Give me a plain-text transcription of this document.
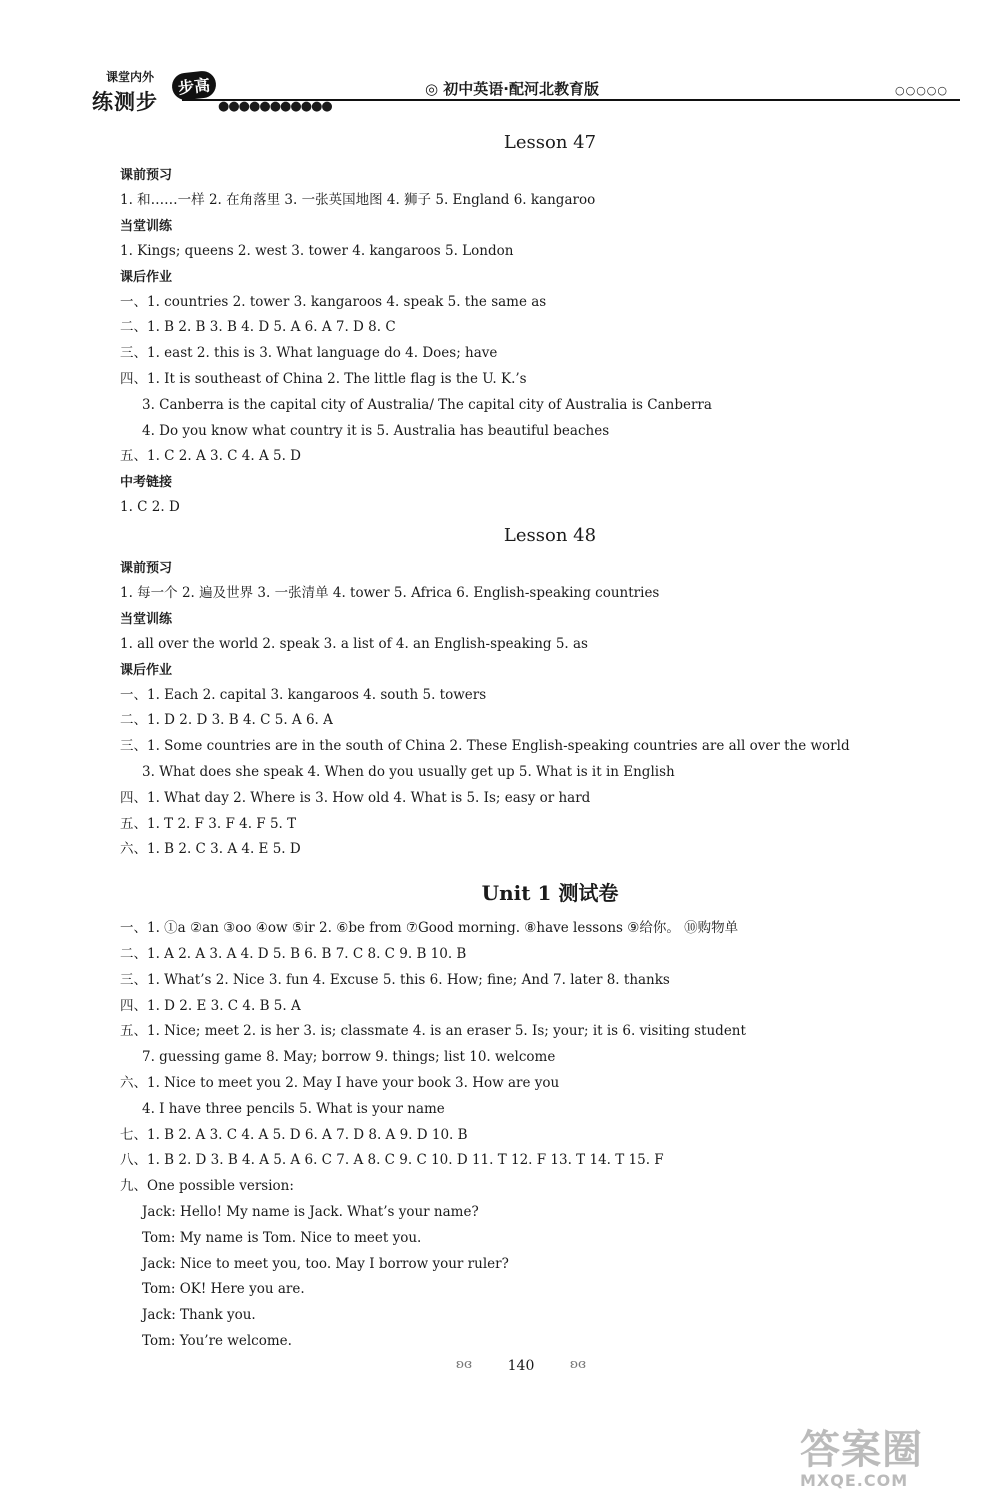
课堂内外
练测步
步高
●●●●●●●●●●●
◎ 初中英语·配河北教育版	○○○○○
Lesson 47
课前预习
1. 和……一样 2. 在角落里 3. 一张英国地图 4. 狮子 5. England 6. kangaroo
当堂训练
1. Kings; queens 2. west 3. tower 4. kangaroos 5. London
课后作业
一、1. countries 2. tower 3. kangaroos 4. speak 5. the same as
二、1. B 2. B 3. B 4. D 5. A 6. A 7. D 8. C
三、1. east 2. this is 3. What language do 4. Does; have
四、1. It is southeast of China 2. The little flag is the U. K.’s
3. Canberra is the capital city of Australia/ The capital city of Australia is Canberra
4. Do you know what country it is 5. Australia has beautiful beaches
五、1. C 2. A 3. C 4. A 5. D
中考链接
1. C 2. D
Lesson 48
课前预习
1. 每一个 2. 遍及世界 3. 一张清单 4. tower 5. Africa 6. English-speaking countries
当堂训练
1. all over the world 2. speak 3. a list of 4. an English-speaking 5. as
课后作业
一、1. Each 2. capital 3. kangaroos 4. south 5. towers
二、1. D 2. D 3. B 4. C 5. A 6. A
三、1. Some countries are in the south of China 2. These English-speaking countries are all over the world
3. What does she speak 4. When do you usually get up 5. What is it in English
四、1. What day 2. Where is 3. How old 4. What is 5. Is; easy or hard
五、1. T 2. F 3. F 4. F 5. T
六、1. B 2. C 3. A 4. E 5. D
Unit 1 测试卷
一、1. ①a ②an ③oo ④ow ⑤ir 2. ⑥be from ⑦Good morning. ⑧have lessons ⑨给你。 ⑩购物单
二、1. A 2. A 3. A 4. D 5. B 6. B 7. C 8. C 9. B 10. B
三、1. What’s 2. Nice 3. fun 4. Excuse 5. this 6. How; fine; And 7. later 8. thanks
四、1. D 2. E 3. C 4. B 5. A
五、1. Nice; meet 2. is her 3. is; classmate 4. is an eraser 5. Is; your; it is 6. visiting student
7. guessing game 8. May; borrow 9. things; list 10. welcome
六、1. Nice to meet you 2. May I have your book 3. How are you
4. I have three pencils 5. What is your name
七、1. B 2. A 3. C 4. A 5. D 6. A 7. D 8. A 9. D 10. B
八、1. B 2. D 3. B 4. A 5. A 6. C 7. A 8. C 9. C 10. D 11. T 12. F 13. T 14. T 15. F
九、One possible version:
Jack: Hello! My name is Jack. What’s your name?
Tom: My name is Tom. Nice to meet you.
Jack: Nice to meet you, too. May I borrow your ruler?
Tom: OK! Here you are.
Jack: Thank you.
Tom: You’re welcome.
ʚɞ	140	ʚɞ
答案圈
MXQE.COM
